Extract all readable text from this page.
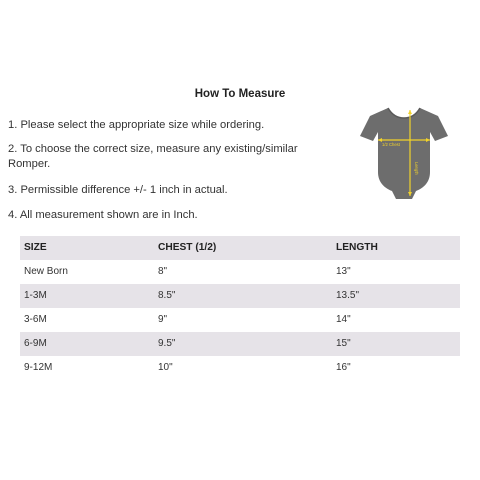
How To Measure
1. Please select the appropriate size while ordering.
2. To choose the correct size, measure any existing/similar Romper.
3. Permissible difference +/- 1 inch in actual.
4. All measurement shown are in Inch.
1/2 Chest
Length
SIZE	CHEST (1/2)	LENGTH
New Born	8"	13"
1-3M	8.5"	13.5"
3-6M	9"	14"
6-9M	9.5"	15"
9-12M	10"	16"
